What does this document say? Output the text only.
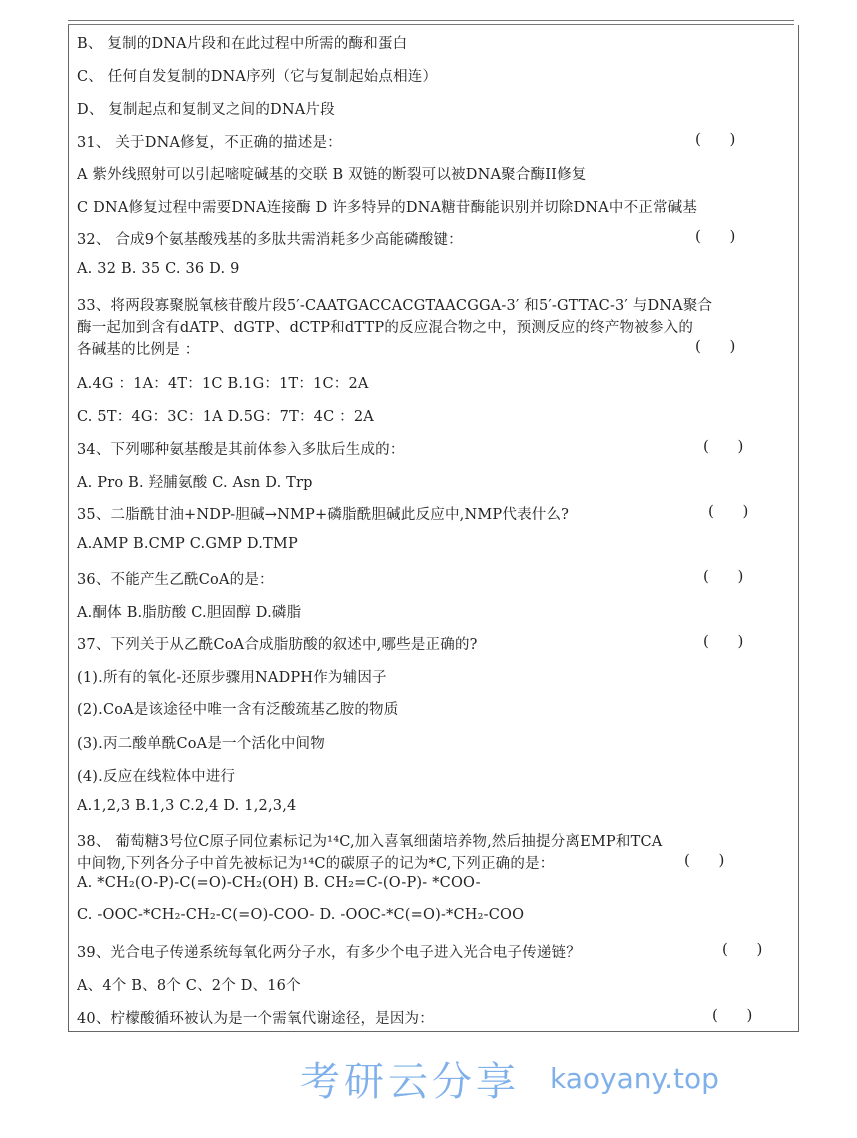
B、 复制的DNA片段和在此过程中所需的酶和蛋白
C、 任何自发复制的DNA序列（它与复制起始点相连）
D、 复制起点和复制叉之间的DNA片段
31、 关于DNA修复，不正确的描述是：	(      )
A 紫外线照射可以引起嘧啶碱基的交联 B 双链的断裂可以被DNA聚合酶II修复
C DNA修复过程中需要DNA连接酶 D 许多特异的DNA糖苷酶能识别并切除DNA中不正常碱基
32、 合成9个氨基酸残基的多肽共需消耗多少高能磷酸键：	(      )
A. 32 B. 35 C. 36 D. 9
33、将两段寡聚脱氧核苷酸片段5′-CAATGACCACGTAACGGA-3′ 和5′-GTTAC-3′ 与DNA聚合
酶一起加到含有dATP、dGTP、dCTP和dTTP的反应混合物之中，预测反应的终产物被参入的
各碱基的比例是 ：	(      )
A.4G ：1A：4T：1C B.1G：1T：1C：2A
C. 5T：4G：3C：1A D.5G：7T：4C ：2A
34、下列哪种氨基酸是其前体参入多肽后生成的：	(      )
A. Pro B. 羟脯氨酸 C. Asn D. Trp
35、二脂酰甘油+NDP-胆碱→NMP+磷脂酰胆碱此反应中,NMP代表什么?	(      )
A.AMP B.CMP C.GMP D.TMP
36、不能产生乙酰CoA的是：	(      )
A.酮体 B.脂肪酸 C.胆固醇 D.磷脂
37、下列关于从乙酰CoA合成脂肪酸的叙述中,哪些是正确的?	(      )
(1).所有的氧化-还原步骤用NADPH作为辅因子
(2).CoA是该途径中唯一含有泛酸巯基乙胺的物质
(3).丙二酸单酰CoA是一个活化中间物
(4).反应在线粒体中进行
A.1,2,3 B.1,3 C.2,4 D. 1,2,3,4
38、 葡萄糖3号位C原子同位素标记为¹⁴C,加入喜氧细菌培养物,然后抽提分离EMP和TCA
中间物,下列各分子中首先被标记为¹⁴C的碳原子的记为*C,下列正确的是：	(      )
A. *CH₂(O-P)-C(=O)-CH₂(OH) B. CH₂=C-(O-P)- *COO-
C. -OOC-*CH₂-CH₂-C(=O)-COO- D. -OOC-*C(=O)-*CH₂-COO
39、光合电子传递系统每氧化两分子水，有多少个电子进入光合电子传递链？	(      )
A、4个 B、8个 C、2个 D、16个
40、柠檬酸循环被认为是一个需氧代谢途径，是因为：	(      )
考研云分享 kaoyany.top
